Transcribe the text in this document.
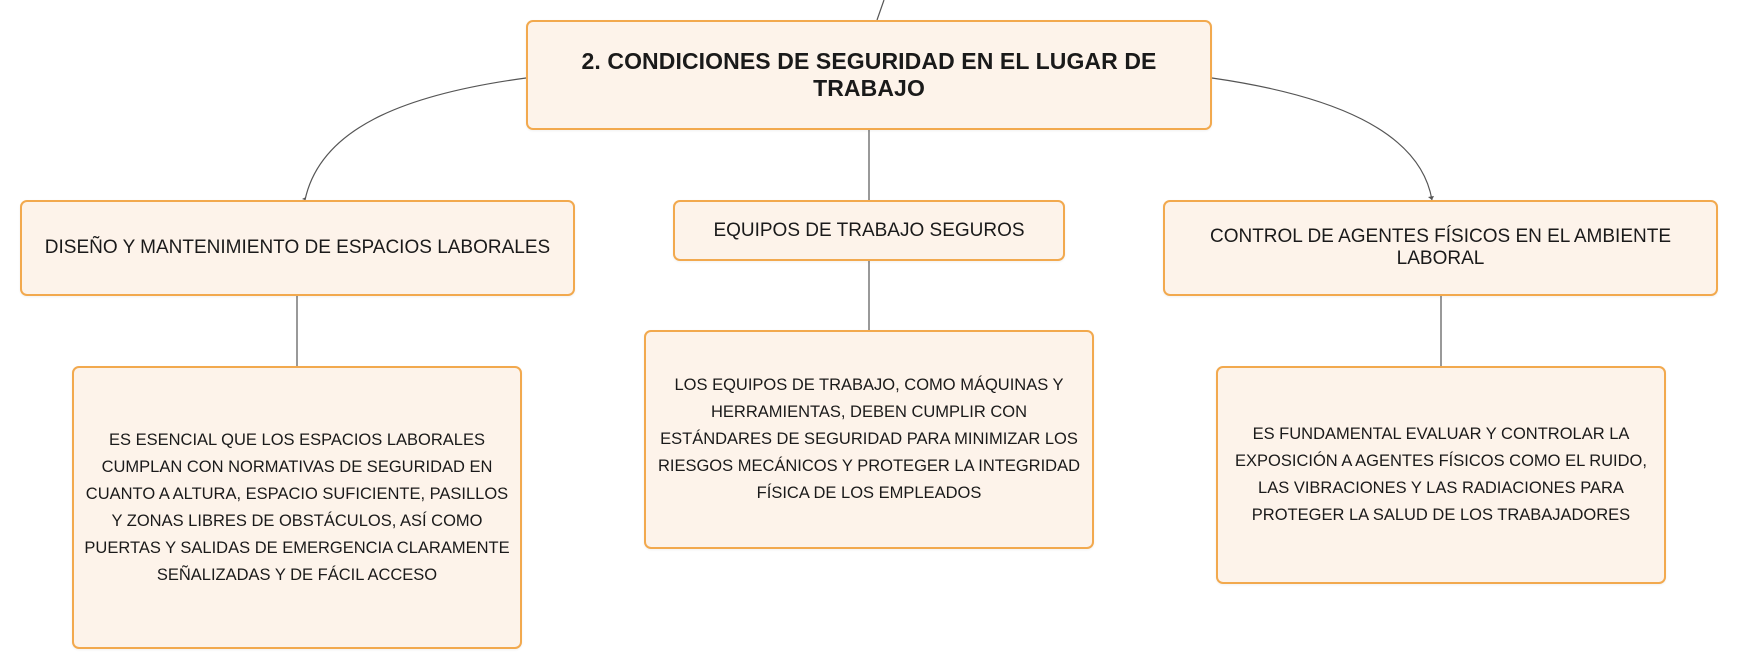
2. CONDICIONES DE SEGURIDAD EN EL LUGAR DE TRABAJO
DISEÑO Y MANTENIMIENTO DE ESPACIOS LABORALES
EQUIPOS DE TRABAJO SEGUROS	CONTROL DE AGENTES FÍSICOS EN EL AMBIENTE LABORAL
ES ESENCIAL QUE LOS ESPACIOS LABORALES CUMPLAN CON NORMATIVAS DE SEGURIDAD EN CUANTO A ALTURA, ESPACIO SUFICIENTE, PASILLOS Y ZONAS LIBRES DE OBSTÁCULOS, ASÍ COMO PUERTAS Y SALIDAS DE EMERGENCIA CLARAMENTE SEÑALIZADAS Y DE FÁCIL ACCESO
LOS EQUIPOS DE TRABAJO, COMO MÁQUINAS Y HERRAMIENTAS, DEBEN CUMPLIR CON ESTÁNDARES DE SEGURIDAD PARA MINIMIZAR LOS RIESGOS MECÁNICOS Y PROTEGER LA INTEGRIDAD FÍSICA DE LOS EMPLEADOS
ES FUNDAMENTAL EVALUAR Y CONTROLAR LA EXPOSICIÓN A AGENTES FÍSICOS COMO EL RUIDO, LAS VIBRACIONES Y LAS RADIACIONES PARA PROTEGER LA SALUD DE LOS TRABAJADORES
